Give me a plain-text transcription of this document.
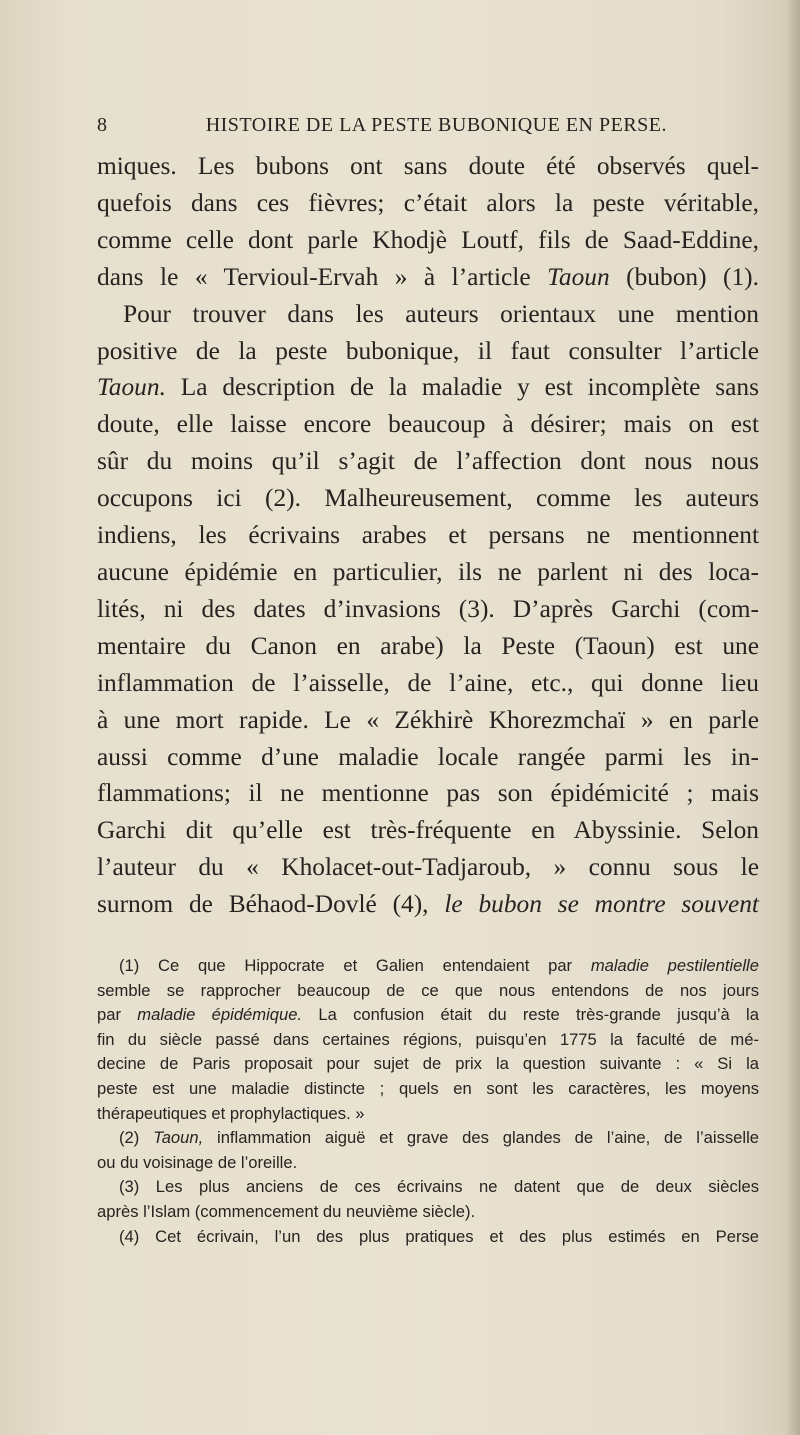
8	HISTOIRE DE LA PESTE BUBONIQUE EN PERSE.
miques. Les bubons ont sans doute été observés quel-
quefois dans ces fièvres; c’était alors la peste véritable,
comme celle dont parle Khodjè Loutf, fils de Saad-Eddine,
dans le « Tervioul-Ervah » à l’article Taoun (bubon) (1).
Pour trouver dans les auteurs orientaux une mention
positive de la peste bubonique, il faut consulter l’article
Taoun. La description de la maladie y est incomplète sans
doute, elle laisse encore beaucoup à désirer; mais on est
sûr du moins qu’il s’agit de l’affection dont nous nous
occupons ici (2). Malheureusement, comme les auteurs
indiens, les écrivains arabes et persans ne mentionnent
aucune épidémie en particulier, ils ne parlent ni des loca-
lités, ni des dates d’invasions (3). D’après Garchi (com-
mentaire du Canon en arabe) la Peste (Taoun) est une
inflammation de l’aisselle, de l’aine, etc., qui donne lieu
à une mort rapide. Le « Zékhirè Khorezmchaï » en parle
aussi comme d’une maladie locale rangée parmi les in-
flammations; il ne mentionne pas son épidémicité ; mais
Garchi dit qu’elle est très-fréquente en Abyssinie. Selon
l’auteur du « Kholacet-out-Tadjaroub, » connu sous le
surnom de Béhaod-Dovlé (4), le bubon se montre souvent
(1) Ce que Hippocrate et Galien entendaient par maladie pestilentielle
semble se rapprocher beaucoup de ce que nous entendons de nos jours
par maladie épidémique. La confusion était du reste très-grande jusqu’à la
fin du siècle passé dans certaines régions, puisqu’en 1775 la faculté de mé-
decine de Paris proposait pour sujet de prix la question suivante : « Si la
peste est une maladie distincte ; quels en sont les caractères, les moyens
thérapeutiques et prophylactiques. »
(2) Taoun, inflammation aiguë et grave des glandes de l’aine, de l’aisselle
ou du voisinage de l’oreille.
(3) Les plus anciens de ces écrivains ne datent que de deux siècles
après l’Islam (commencement du neuvième siècle).
(4) Cet écrivain, l’un des plus pratiques et des plus estimés en Perse
